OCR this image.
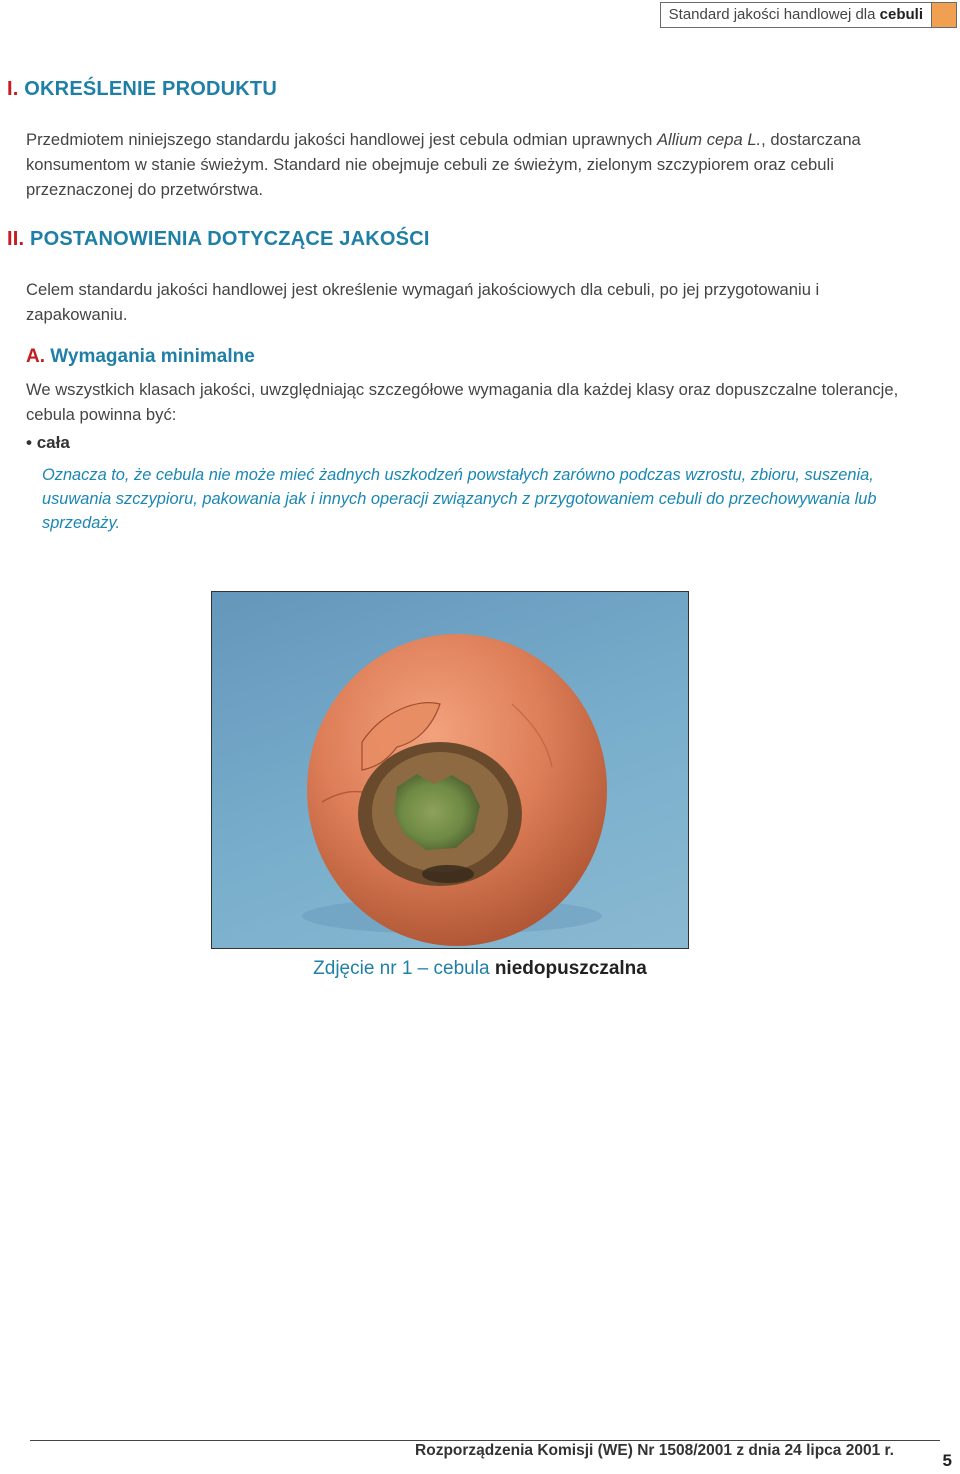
Standard jakości handlowej dla cebuli
I. OKREŚLENIE PRODUKTU
Przedmiotem niniejszego standardu jakości handlowej jest cebula odmian uprawnych Allium cepa L., dostarczana konsumentom w stanie świeżym. Standard nie obejmuje cebuli ze świeżym, zielonym szczypiorem oraz cebuli przeznaczonej do przetwórstwa.
II. POSTANOWIENIA DOTYCZĄCE JAKOŚCI
Celem standardu jakości handlowej jest określenie wymagań jakościowych dla cebuli, po jej przygotowaniu i zapakowaniu.
A. Wymagania minimalne
We wszystkich klasach jakości, uwzględniając szczegółowe wymagania dla każdej klasy oraz dopuszczalne tolerancje, cebula powinna być:
• cała
Oznacza to, że cebula nie może mieć żadnych uszkodzeń powstałych zarówno podczas wzrostu, zbioru, suszenia, usuwania szczypioru, pakowania jak i innych operacji związanych z przygotowaniem cebuli do przechowywania lub sprzedaży.
Zdjęcie nr 1 – cebula niedopuszczalna
Rozporządzenia Komisji (WE) Nr 1508/2001 z dnia 24 lipca 2001 r.
5
